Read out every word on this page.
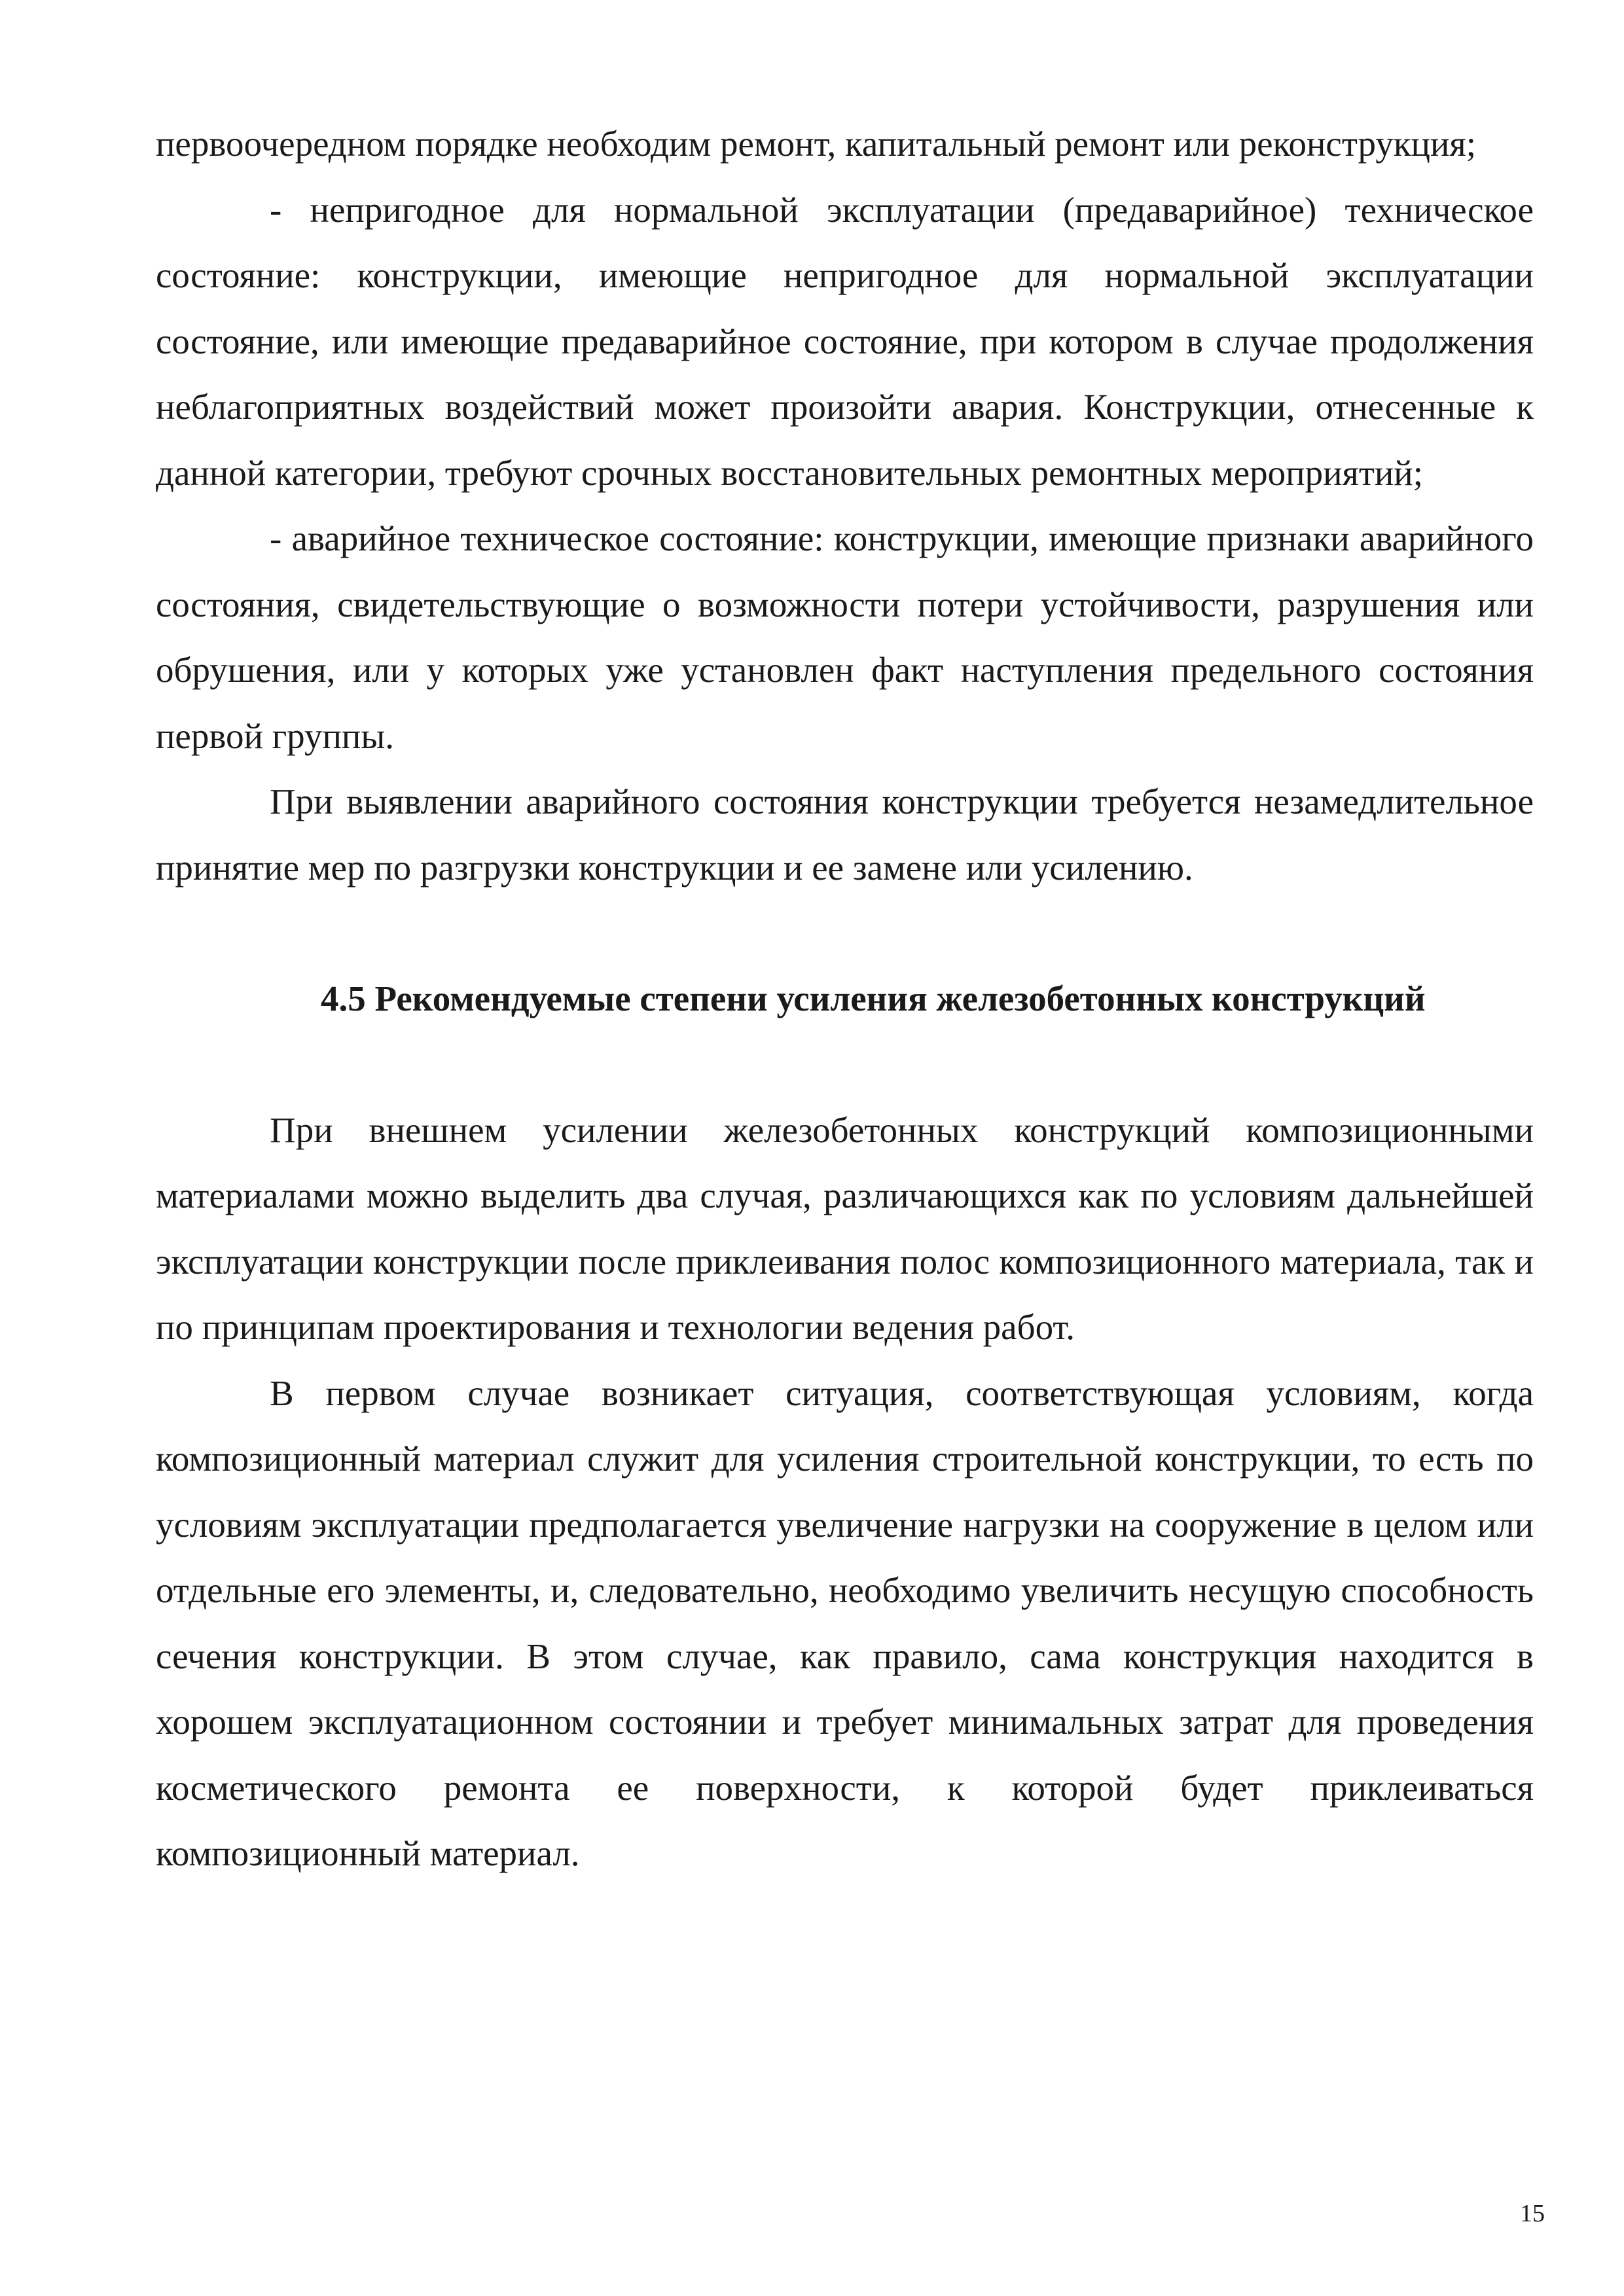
первоочередном порядке необходим ремонт, капитальный ремонт или реконструкция;

- непригодное для нормальной эксплуатации (предаварийное) техническое состояние: конструкции, имеющие непригодное для нормальной эксплуатации состояние, или имеющие предаварийное состояние, при котором в случае продолжения неблагоприятных воздействий может произойти авария. Конструкции, отнесенные к данной категории, требуют срочных восстановительных ремонтных мероприятий;

- аварийное техническое состояние: конструкции, имеющие признаки аварийного состояния, свидетельствующие о возможности потери устойчивости, разрушения или обрушения, или у которых уже установлен факт наступления предельного состояния первой группы.

При выявлении аварийного состояния конструкции требуется незамедлительное принятие мер по разгрузки конструкции и ее замене или усилению.

4.5 Рекомендуемые степени усиления железобетонных конструкций

При внешнем усилении железобетонных конструкций композиционными материалами можно выделить два случая, различающихся как по условиям дальнейшей эксплуатации конструкции после приклеивания полос композиционного материала, так и по принципам проектирования и технологии ведения работ.

В первом случае возникает ситуация, соответствующая условиям, когда композиционный материал служит для усиления строительной конструкции, то есть по условиям эксплуатации предполагается увеличение нагрузки на сооружение в целом или отдельные его элементы, и, следовательно, необходимо увеличить несущую способность сечения конструкции. В этом случае, как правило, сама конструкция находится в хорошем эксплуатационном состоянии и требует минимальных затрат для проведения косметического ремонта ее поверхности, к которой будет приклеиваться композиционный материал.

15
